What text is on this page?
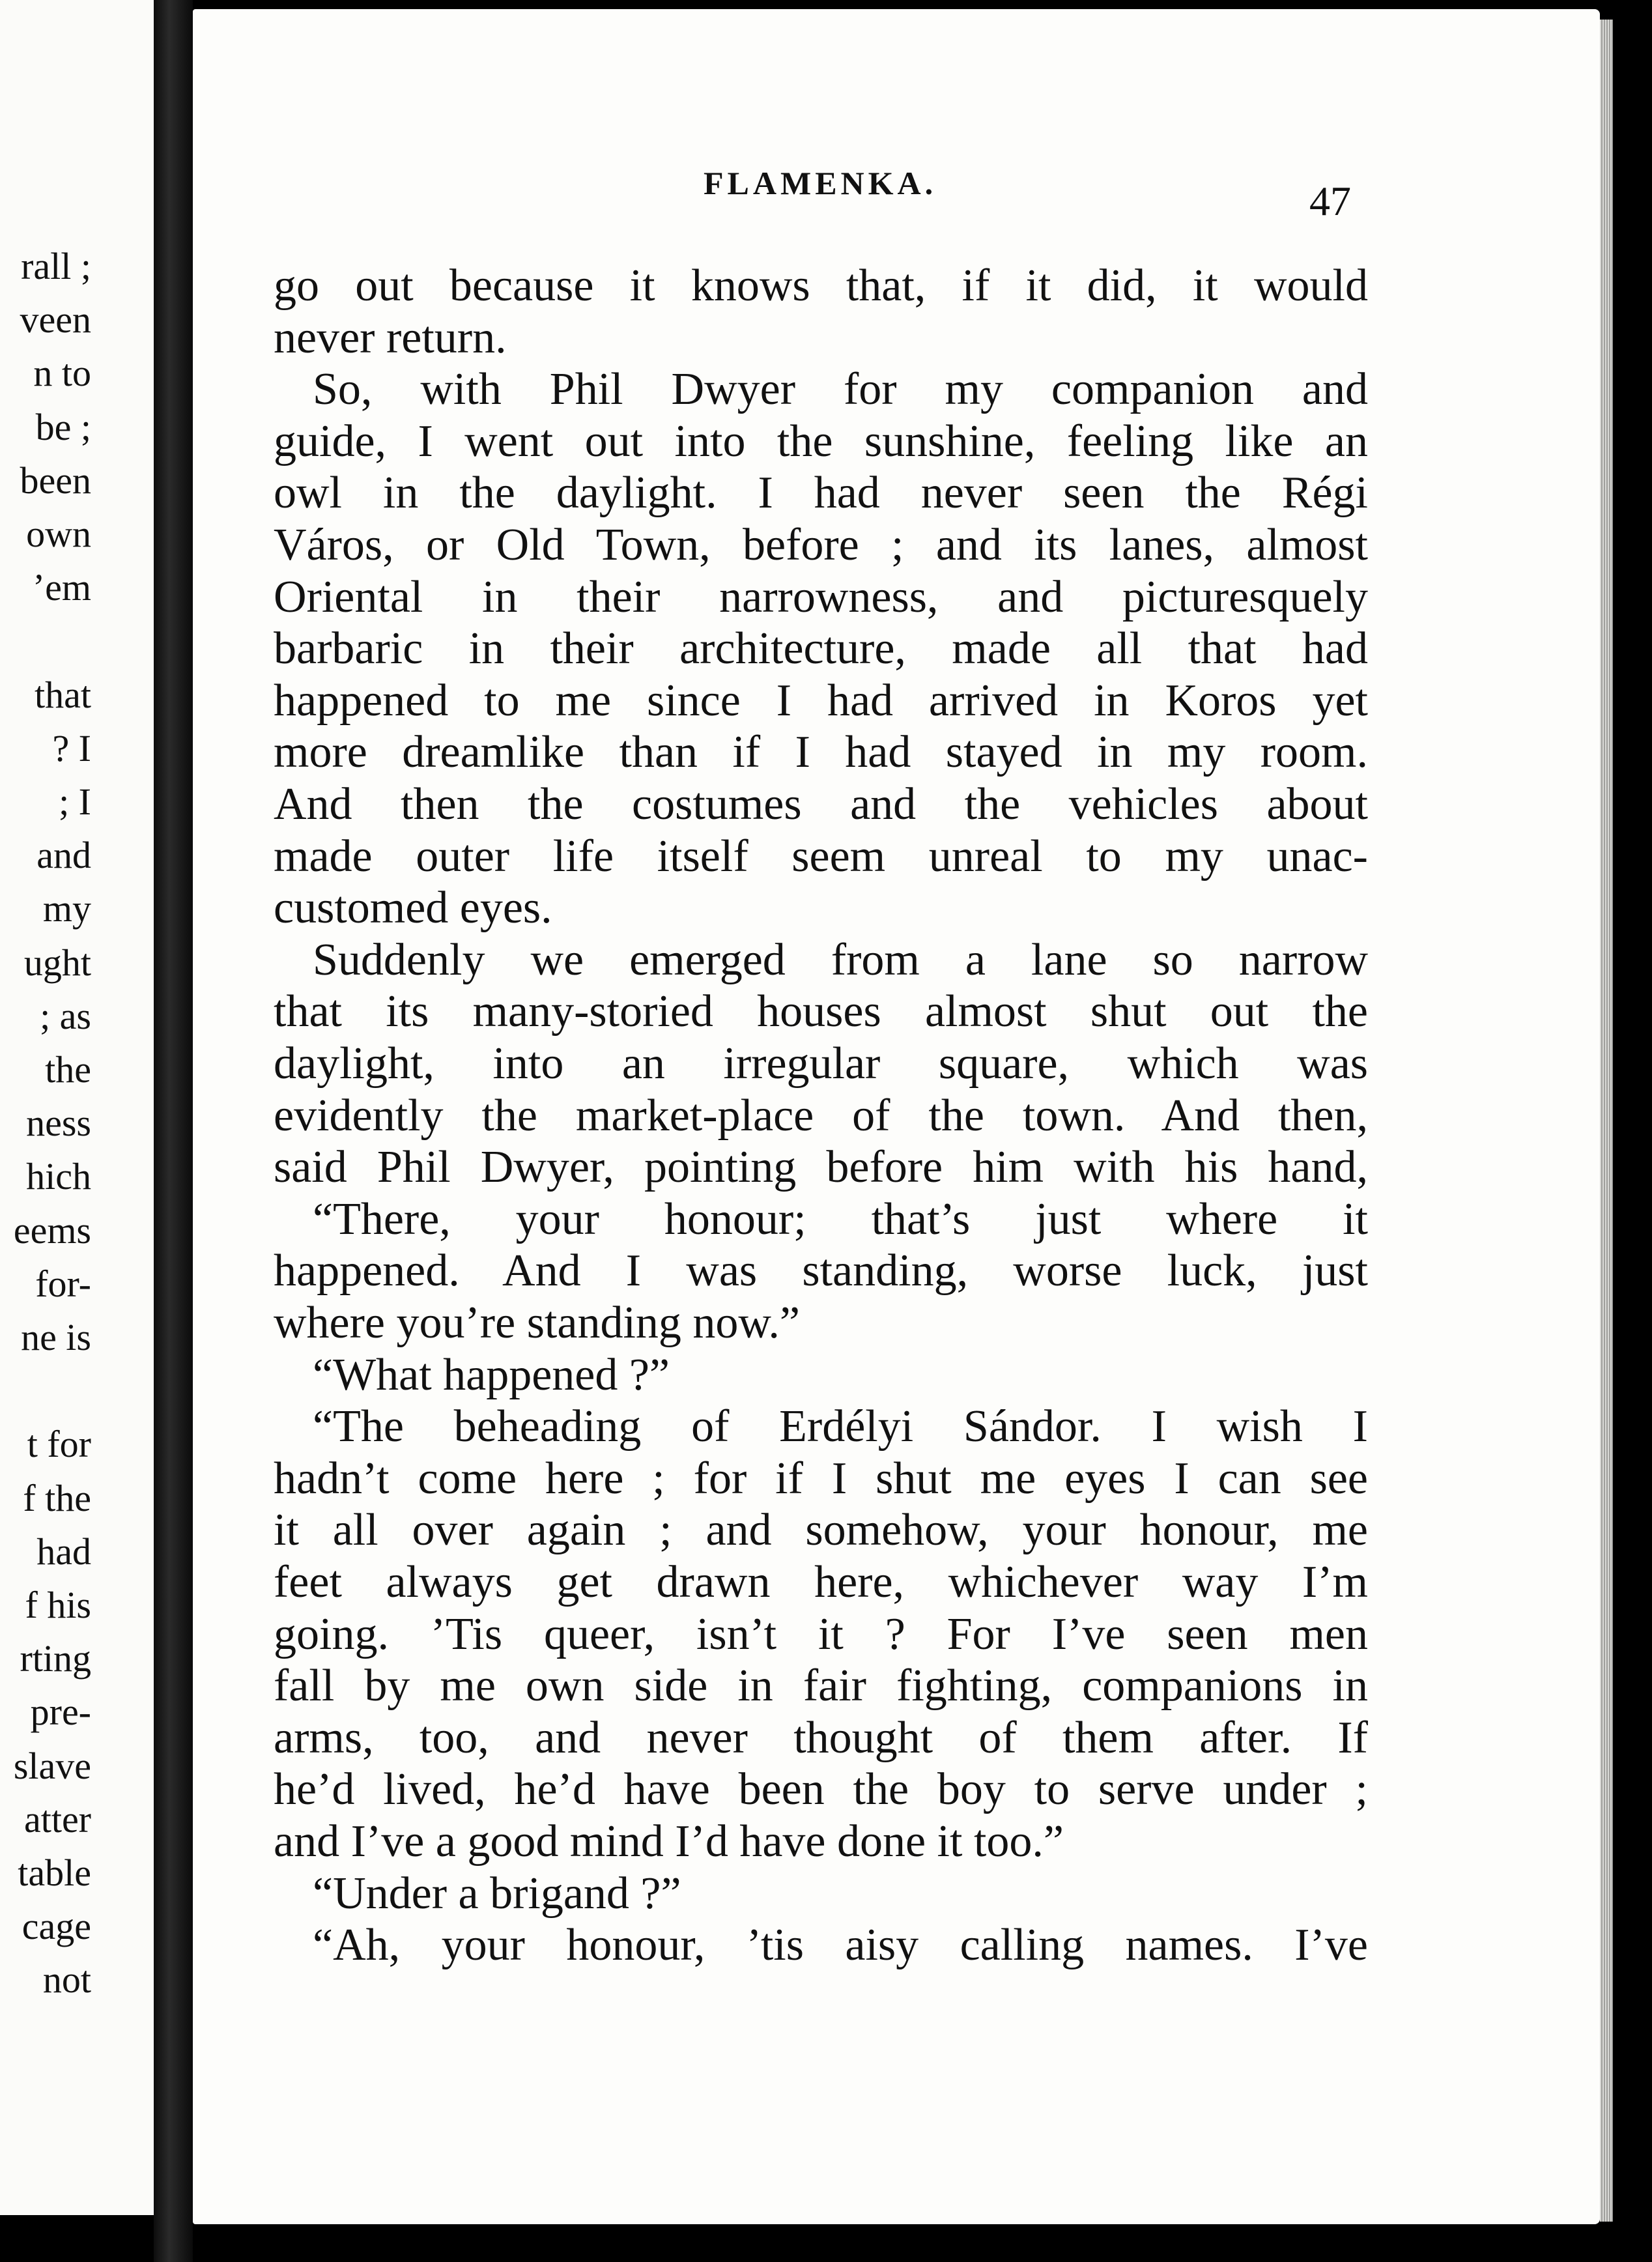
rall ;
veen
n to
be ;
been
own
’em
that
? I
; I
and
my
ught
; as
the
ness
hich
eems
for-
ne is
t for
f the
had
f his
rting
pre-
slave
atter
table
cage
not
FLAMENKA.	47
go out because it knows that, if it did, it would
never return.
So, with Phil Dwyer for my companion and
guide, I went out into the sunshine, feeling like an
owl in the daylight. I had never seen the Régi
Város, or Old Town, before ; and its lanes, almost
Oriental in their narrowness, and picturesquely
barbaric in their architecture, made all that had
happened to me since I had arrived in Koros yet
more dreamlike than if I had stayed in my room.
And then the costumes and the vehicles about
made outer life itself seem unreal to my unac-
customed eyes.
Suddenly we emerged from a lane so narrow
that its many-storied houses almost shut out the
daylight, into an irregular square, which was
evidently the market-place of the town. And then,
said Phil Dwyer, pointing before him with his hand,
“There, your honour; that’s just where it
happened. And I was standing, worse luck, just
where you’re standing now.”
“What happened ?”
“The beheading of Erdélyi Sándor. I wish I
hadn’t come here ; for if I shut me eyes I can see
it all over again ; and somehow, your honour, me
feet always get drawn here, whichever way I’m
going. ’Tis queer, isn’t it ? For I’ve seen men
fall by me own side in fair fighting, companions in
arms, too, and never thought of them after. If
he’d lived, he’d have been the boy to serve under ;
and I’ve a good mind I’d have done it too.”
“Under a brigand ?”
“Ah, your honour, ’tis aisy calling names. I’ve
